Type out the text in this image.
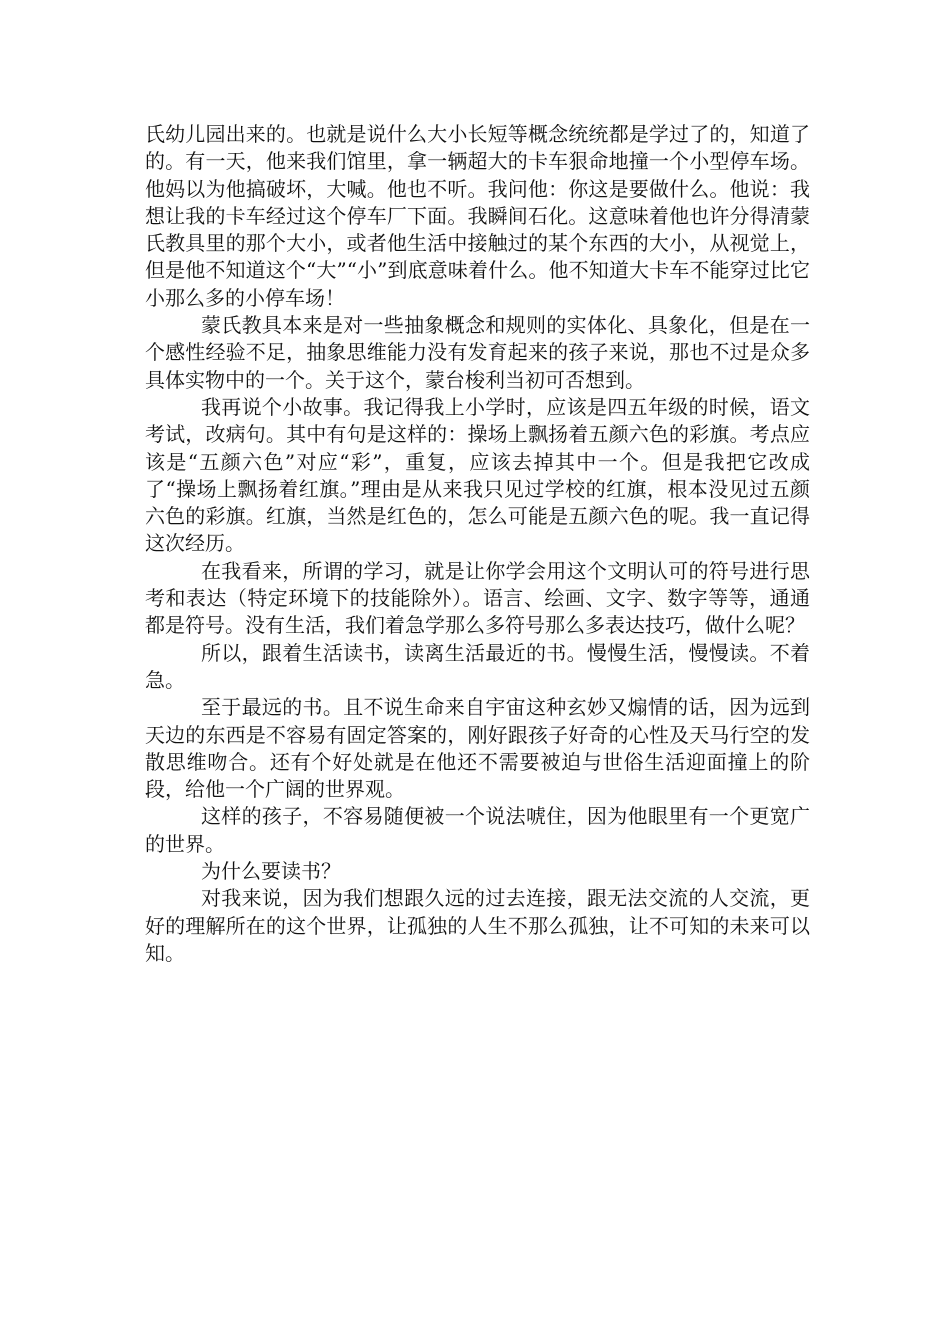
氏幼儿园出来的。也就是说什么大小长短等概念统统都是学过了的，知道了的。有一天，他来我们馆里，拿一辆超大的卡车狠命地撞一个小型停车场。他妈以为他搞破坏，大喊。他也不听。我问他：你这是要做什么。他说：我想让我的卡车经过这个停车厂下面。我瞬间石化。这意味着他也许分得清蒙氏教具里的那个大小，或者他生活中接触过的某个东西的大小，从视觉上，但是他不知道这个“大”“小”到底意味着什么。他不知道大卡车不能穿过比它小那么多的小停车场！

蒙氏教具本来是对一些抽象概念和规则的实体化、具象化，但是在一个感性经验不足，抽象思维能力没有发育起来的孩子来说，那也不过是众多具体实物中的一个。关于这个，蒙台梭利当初可否想到。

我再说个小故事。我记得我上小学时，应该是四五年级的时候，语文考试，改病句。其中有句是这样的：操场上飘扬着五颜六色的彩旗。考点应该是“五颜六色”对应“彩”，重复，应该去掉其中一个。但是我把它改成了“操场上飘扬着红旗。”理由是从来我只见过学校的红旗，根本没见过五颜六色的彩旗。红旗，当然是红色的，怎么可能是五颜六色的呢。我一直记得这次经历。

在我看来，所谓的学习，就是让你学会用这个文明认可的符号进行思考和表达（特定环境下的技能除外）。语言、绘画、文字、数字等等，通通都是符号。没有生活，我们着急学那么多符号那么多表达技巧，做什么呢？

所以，跟着生活读书，读离生活最近的书。慢慢生活，慢慢读。不着急。

至于最远的书。且不说生命来自宇宙这种玄妙又煽情的话，因为远到天边的东西是不容易有固定答案的，刚好跟孩子好奇的心性及天马行空的发散思维吻合。还有个好处就是在他还不需要被迫与世俗生活迎面撞上的阶段，给他一个广阔的世界观。

这样的孩子，不容易随便被一个说法唬住，因为他眼里有一个更宽广的世界。

为什么要读书？

对我来说，因为我们想跟久远的过去连接，跟无法交流的人交流，更好的理解所在的这个世界，让孤独的人生不那么孤独，让不可知的未来可以知。
